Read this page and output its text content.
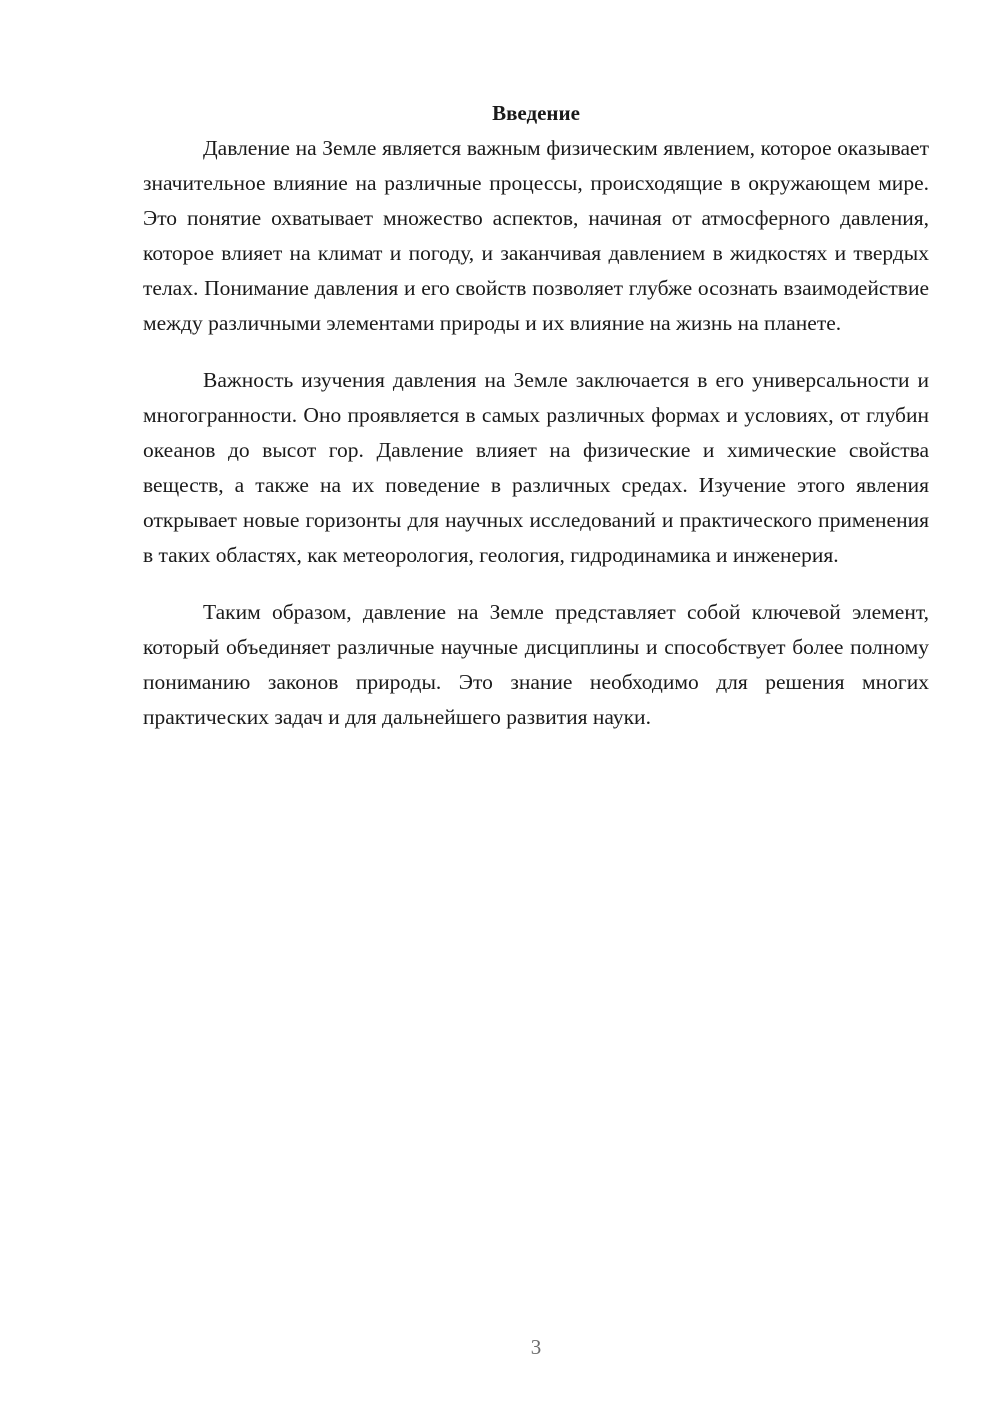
Введение

Давление на Земле является важным физическим явлением, которое оказывает значительное влияние на различные процессы, происходящие в окружающем мире. Это понятие охватывает множество аспектов, начиная от атмосферного давления, которое влияет на климат и погоду, и заканчивая давлением в жидкостях и твердых телах. Понимание давления и его свойств позволяет глубже осознать взаимодействие между различными элементами природы и их влияние на жизнь на планете.

Важность изучения давления на Земле заключается в его универсальности и многогранности. Оно проявляется в самых различных формах и условиях, от глубин океанов до высот гор. Давление влияет на физические и химические свойства веществ, а также на их поведение в различных средах. Изучение этого явления открывает новые горизонты для научных исследований и практического применения в таких областях, как метеорология, геология, гидродинамика и инженерия.

Таким образом, давление на Земле представляет собой ключевой элемент, который объединяет различные научные дисциплины и способствует более полному пониманию законов природы. Это знание необходимо для решения многих практических задач и для дальнейшего развития науки.

3
